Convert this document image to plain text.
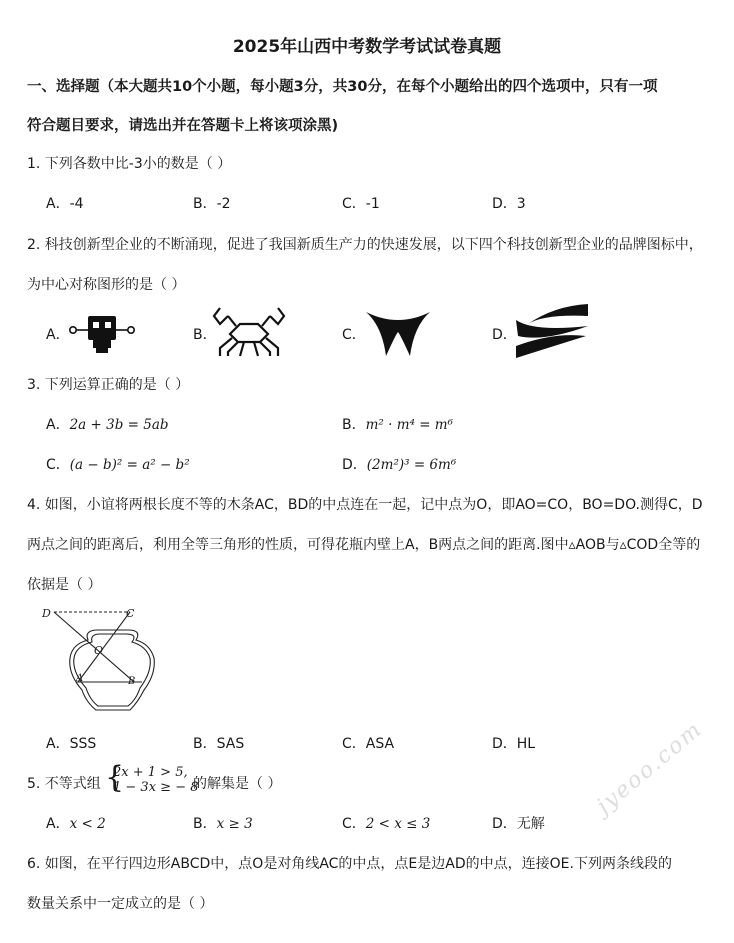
2025年山西中考数学考试试卷真题
一、选择题（本大题共10个小题，每小题3分，共30分，在每个小题给出的四个选项中，只有一项
符合题目要求，请选出并在答题卡上将该项涂黑)
1. 下列各数中比-3小的数是（ ）
A．-4	B．-2	C．-1	D．3
2. 科技创新型企业的不断涌现，促进了我国新质生产力的快速发展，以下四个科技创新型企业的品牌图标中，
为中心对称图形的是（ ）
A．	B．	C．	D．
3. 下列运算正确的是（ ）
A．2a + 3b = 5ab	B．m² · m⁴ = m⁶
C．(a − b)² = a² − b²	D．(2m²)³ = 6m⁶
4. 如图，小谊将两根长度不等的木条AC，BD的中点连在一起，记中点为O，即AO=CO，BO=DO.测得C，D
两点之间的距离后，利用全等三角形的性质，可得花瓶内壁上A，B两点之间的距离.图中▵AOB与▵COD全等的
依据是（ ）
D	C
O
A	B
A．SSS	B．SAS	C．ASA	D．HL
5. 不等式组 {
2x + 1 > 5,
1 − 3x ≥ − 8
的解集是（ ）
A．x < 2	B．x ≥ 3	C．2 < x ≤ 3	D．无解
6. 如图，在平行四边形ABCD中，点O是对角线AC的中点，点E是边AD的中点，连接OE.下列两条线段的
数量关系中一定成立的是（ ）
jyeoo.com
